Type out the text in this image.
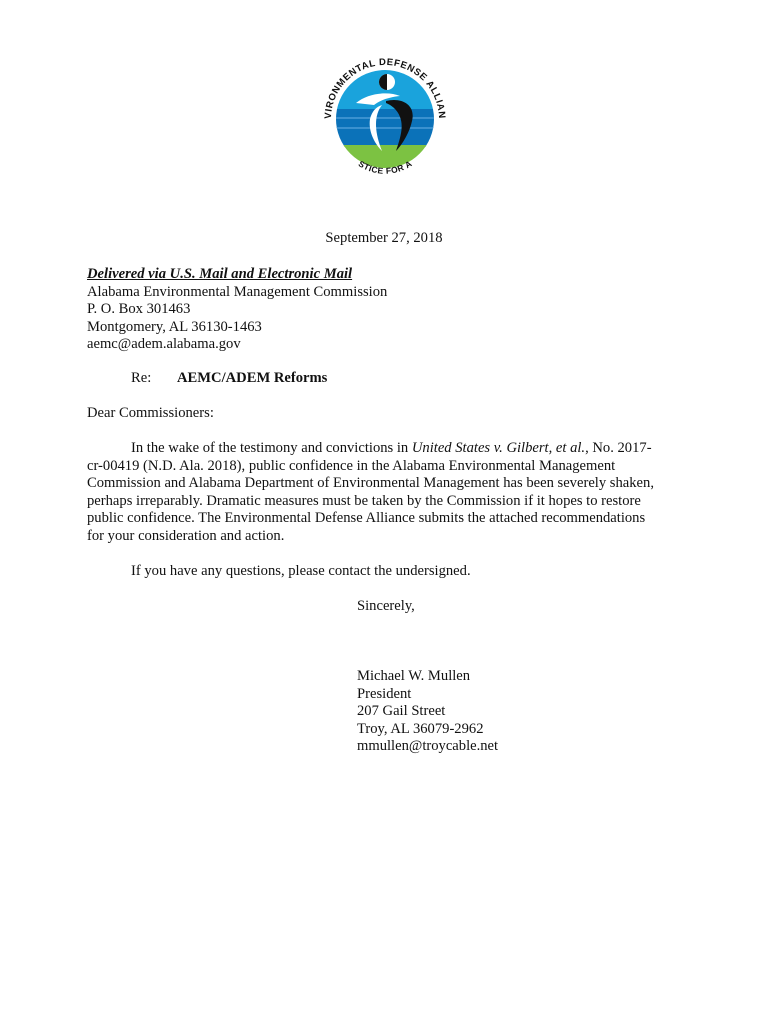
VIRONMENTAL DEFENSE ALLIAN
STICE FOR A
September 27, 2018
Delivered via U.S. Mail and Electronic Mail
Alabama Environmental Management Commission
P. O. Box 301463
Montgomery, AL 36130-1463
aemc@adem.alabama.gov
Re: AEMC/ADEM Reforms
Dear Commissioners:
In the wake of the testimony and convictions in United States v. Gilbert, et al., No. 2017-
cr-00419 (N.D. Ala. 2018), public confidence in the Alabama Environmental Management
Commission and Alabama Department of Environmental Management has been severely shaken,
perhaps irreparably. Dramatic measures must be taken by the Commission if it hopes to restore
public confidence. The Environmental Defense Alliance submits the attached recommendations
for your consideration and action.
If you have any questions, please contact the undersigned.
Sincerely,
Michael W. Mullen
President
207 Gail Street
Troy, AL 36079-2962
mmullen@troycable.net
